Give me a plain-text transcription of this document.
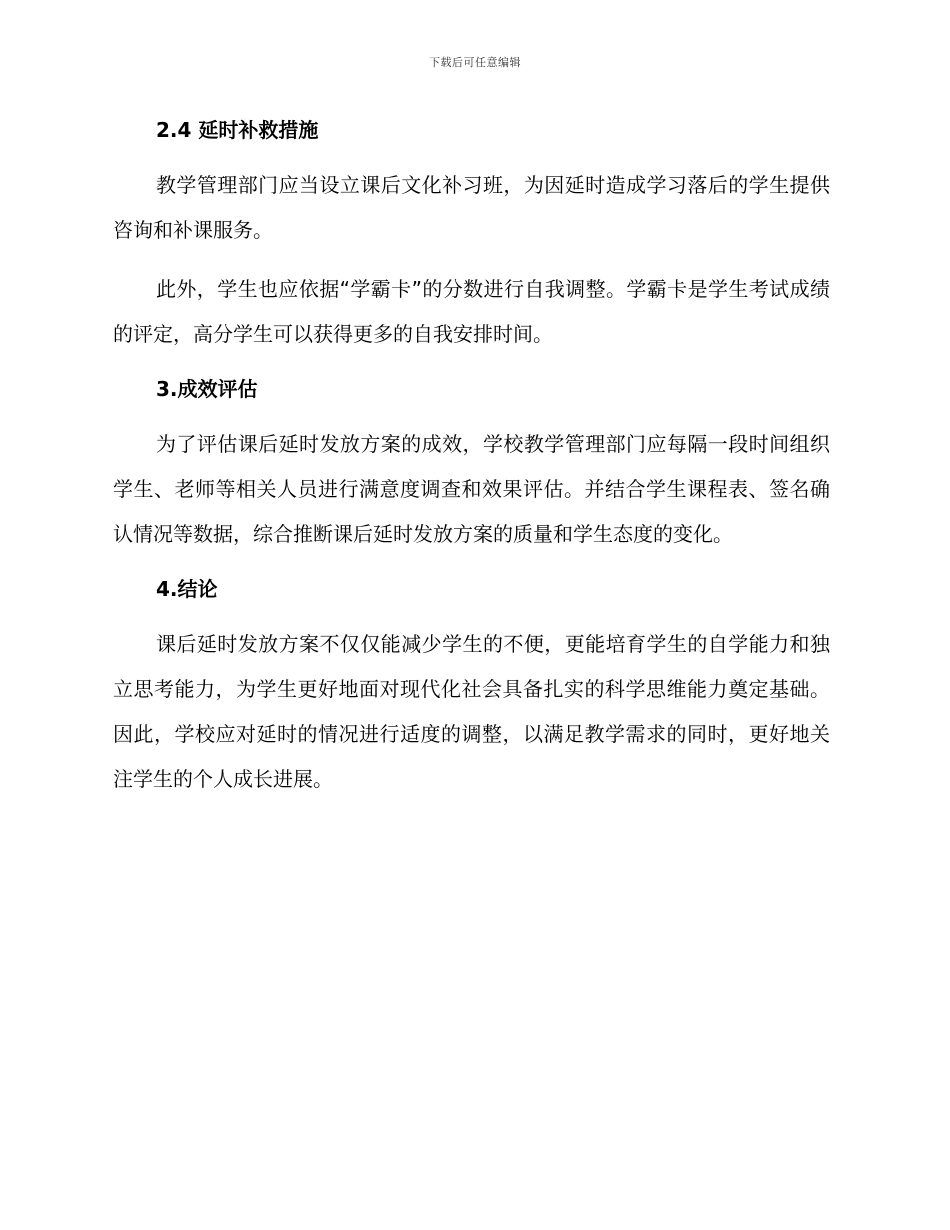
下载后可任意编辑
2.4 延时补救措施

教学管理部门应当设立课后文化补习班，为因延时造成学习落后的学生提供咨询和补课服务。

此外，学生也应依据“学霸卡”的分数进行自我调整。学霸卡是学生考试成绩的评定，高分学生可以获得更多的自我安排时间。

3.成效评估

为了评估课后延时发放方案的成效，学校教学管理部门应每隔一段时间组织学生、老师等相关人员进行满意度调查和效果评估。并结合学生课程表、签名确认情况等数据，综合推断课后延时发放方案的质量和学生态度的变化。

4.结论

课后延时发放方案不仅仅能减少学生的不便，更能培育学生的自学能力和独立思考能力，为学生更好地面对现代化社会具备扎实的科学思维能力奠定基础。因此，学校应对延时的情况进行适度的调整，以满足教学需求的同时，更好地关注学生的个人成长进展。
